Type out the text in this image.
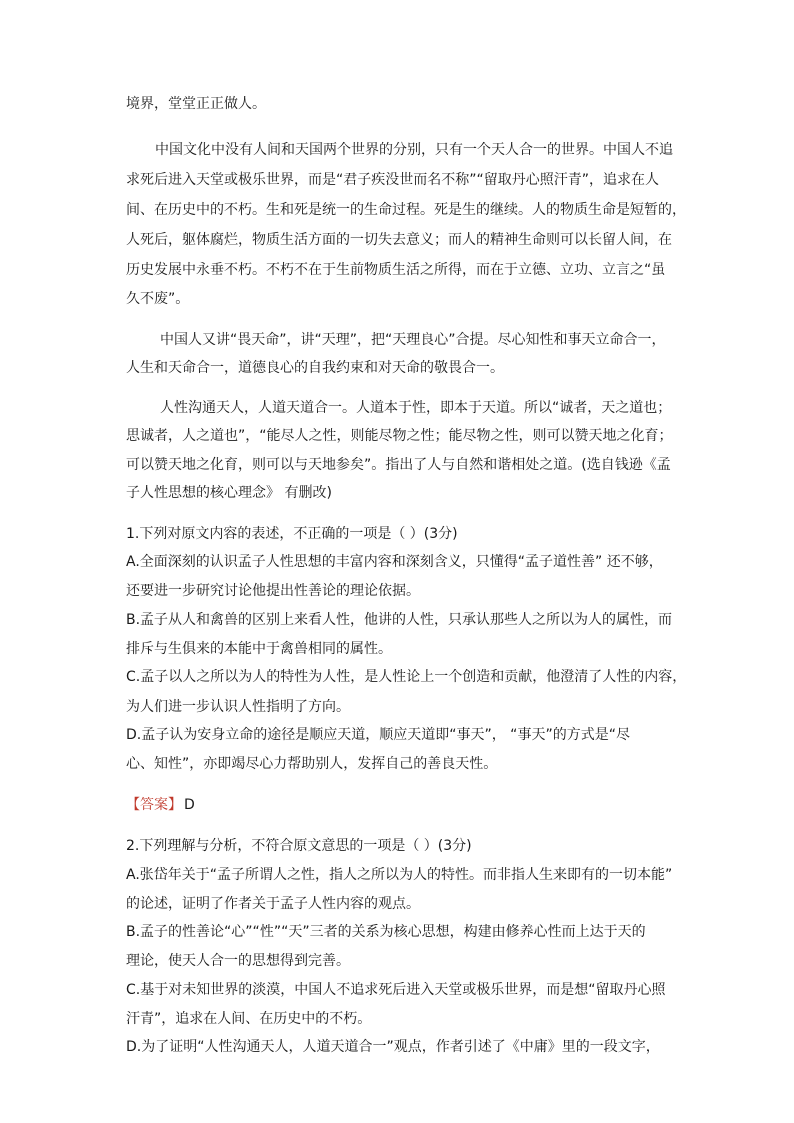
境界，堂堂正正做人。
中国文化中没有人间和天国两个世界的分别，只有一个天人合一的世界。中国人不追
求死后进入天堂或极乐世界，而是“君子疾没世而名不称”“留取丹心照汗青”，追求在人
间、在历史中的不朽。生和死是统一的生命过程。死是生的继续。人的物质生命是短暂的，
人死后，躯体腐烂，物质生活方面的一切失去意义；而人的精神生命则可以长留人间，在
历史发展中永垂不朽。不朽不在于生前物质生活之所得，而在于立德、立功、立言之“虽
久不废”。
中国人又讲“畏天命”，讲“天理”，把“天理良心”合提。尽心知性和事天立命合一，
人生和天命合一，道德良心的自我约束和对天命的敬畏合一。
人性沟通天人，人道天道合一。人道本于性，即本于天道。所以“诚者，天之道也；
思诚者，人之道也”，“能尽人之性，则能尽物之性；能尽物之性，则可以赞天地之化育；
可以赞天地之化育，则可以与天地参矣”。指出了人与自然和谐相处之道。(选自钱逊《孟
子人性思想的核心理念》 有删改)
1.下列对原文内容的表述，不正确的一项是（ ）(3分)
A.全面深刻的认识孟子人性思想的丰富内容和深刻含义，只懂得“孟子道性善” 还不够，
还要进一步研究讨论他提出性善论的理论依据。
B.孟子从人和禽兽的区别上来看人性，他讲的人性，只承认那些人之所以为人的属性，而
排斥与生俱来的本能中于禽兽相同的属性。
C.孟子以人之所以为人的特性为人性，是人性论上一个创造和贡献，他澄清了人性的内容，
为人们进一步认识人性指明了方向。
D.孟子认为安身立命的途径是顺应天道，顺应天道即“事天”， “事天”的方式是“尽
心、知性”，亦即竭尽心力帮助别人，发挥自己的善良天性。
【答案】 D
2.下列理解与分析，不符合原文意思的一项是（ ）(3分)
A.张岱年关于“孟子所谓人之性，指人之所以为人的特性。而非指人生来即有的一切本能”
的论述，证明了作者关于孟子人性内容的观点。
B.孟子的性善论“心”“性”“天”三者的关系为核心思想，构建由修养心性而上达于天的
理论，使天人合一的思想得到完善。
C.基于对未知世界的淡漠，中国人不追求死后进入天堂或极乐世界，而是想“留取丹心照
汗青”，追求在人间、在历史中的不朽。
D.为了证明“人性沟通天人，人道天道合一”观点，作者引述了《中庸》里的一段文字，
